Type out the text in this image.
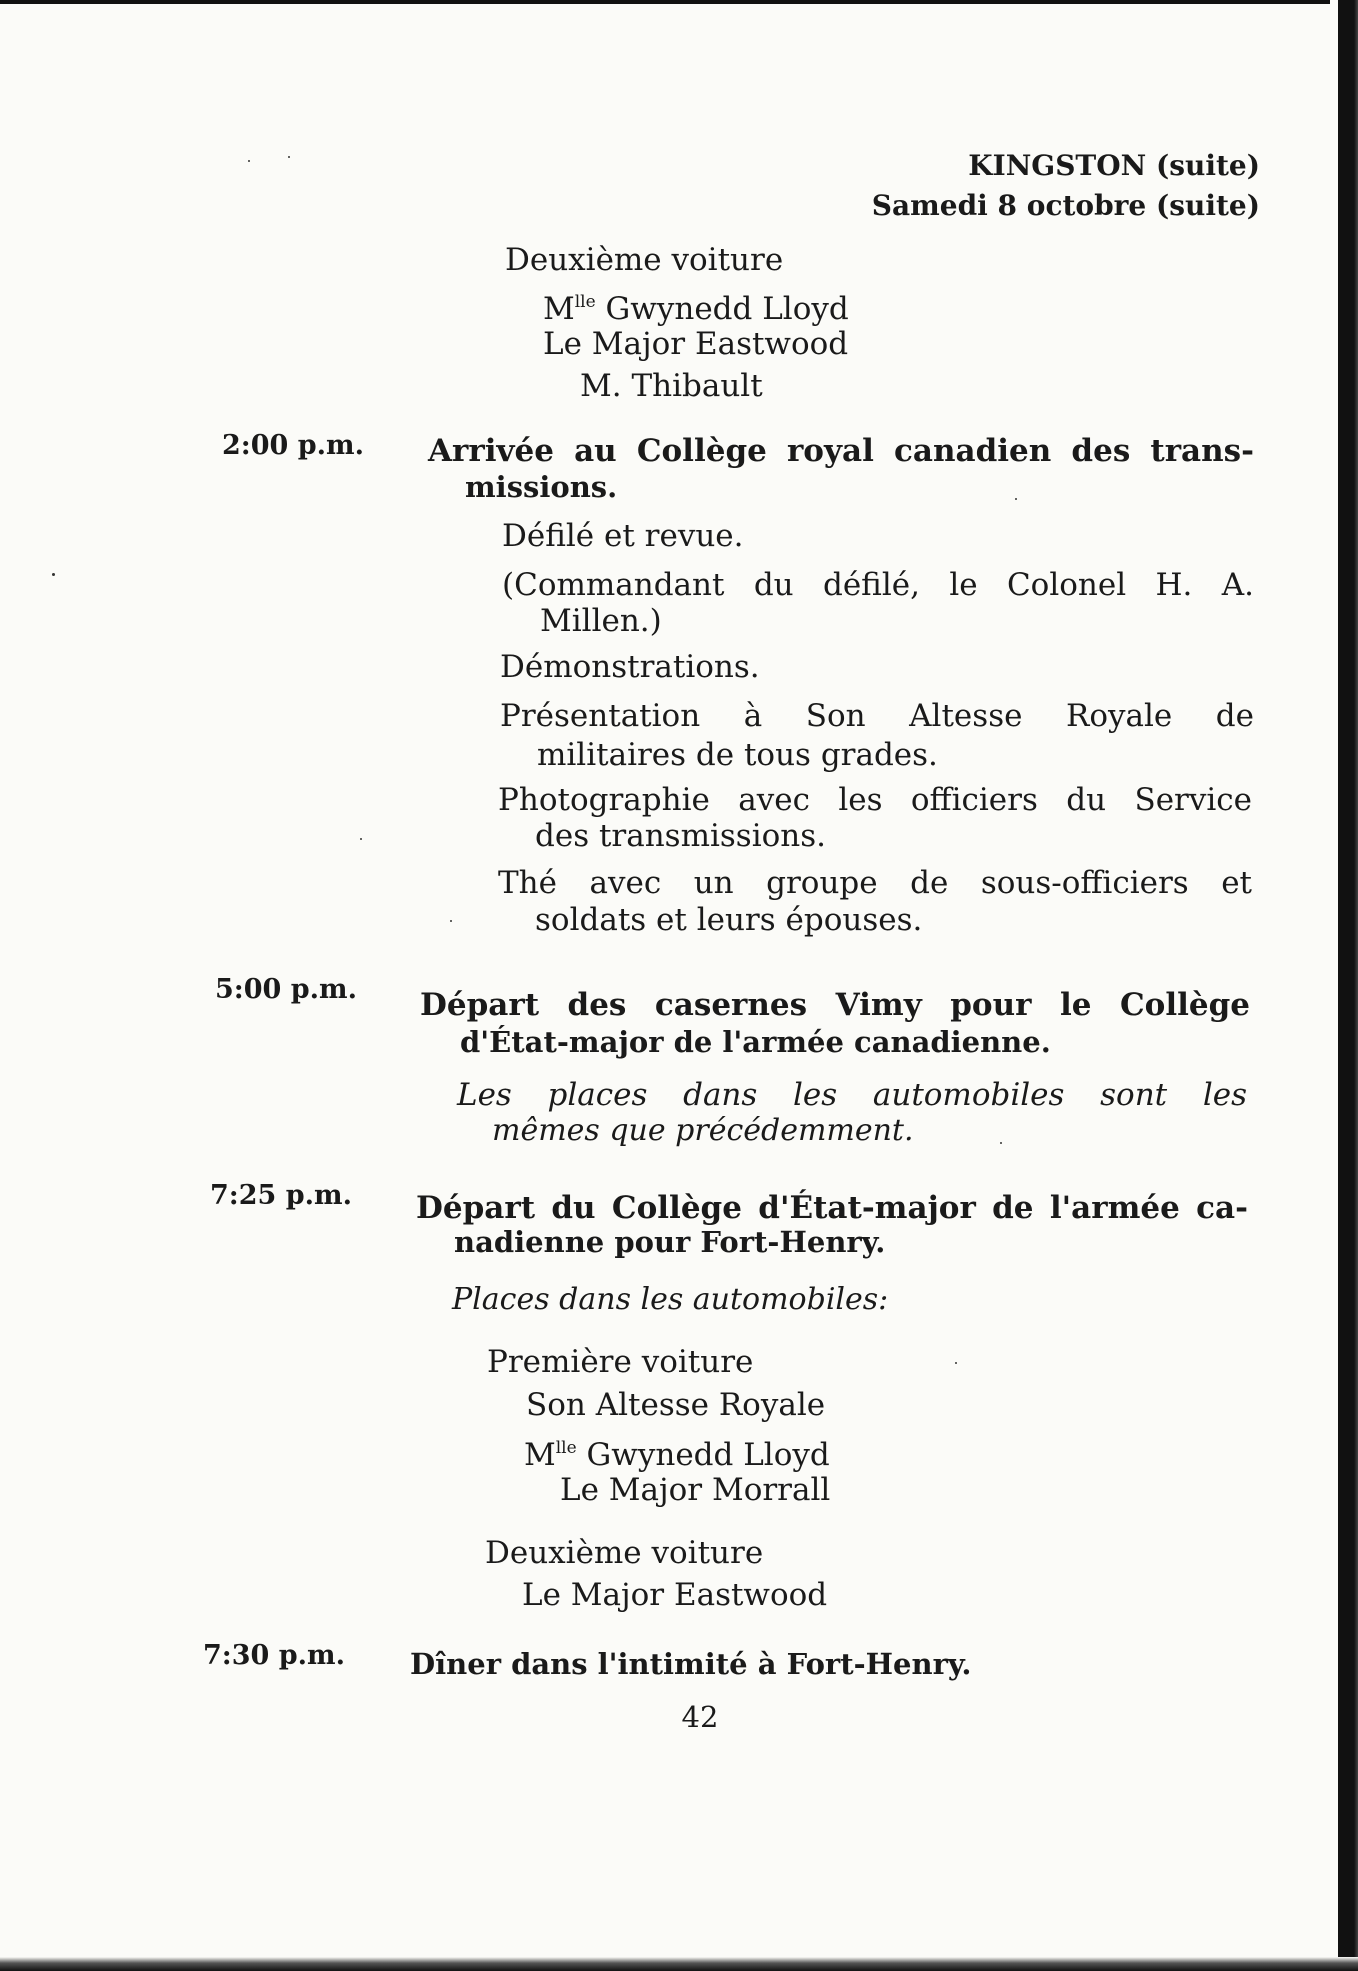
KINGSTON (suite)
Samedi 8 octobre (suite)
Deuxième voiture
$M^{lle}$ Gwynedd Lloyd
Le Major Eastwood
M. Thibault
2:00 p.m. Arrivée au Collège royal canadien des trans-
missions.
Défilé et revue.
(Commandant du défilé, le Colonel H. A.
Millen.)
Démonstrations.
Présentation à Son Altesse Royale de
militaires de tous grades.
Photographie avec les officiers du Service
des transmissions.
Thé avec un groupe de sous-officiers et
soldats et leurs épouses.
5:00 p.m. Départ des casernes Vimy pour le Collège
d'État-major de l'armée canadienne.
Les places dans les automobiles sont les
mêmes que précédemment.
7:25 p.m. Départ du Collège d'État-major de l'armée ca-
nadienne pour Fort-Henry.
Places dans les automobiles:
Première voiture
Son Altesse Royale
$M^{lle}$ Gwynedd Lloyd
Le Major Morrall
Deuxième voiture
Le Major Eastwood
7:30 p.m. Dîner dans l'intimité à Fort-Henry.
42
